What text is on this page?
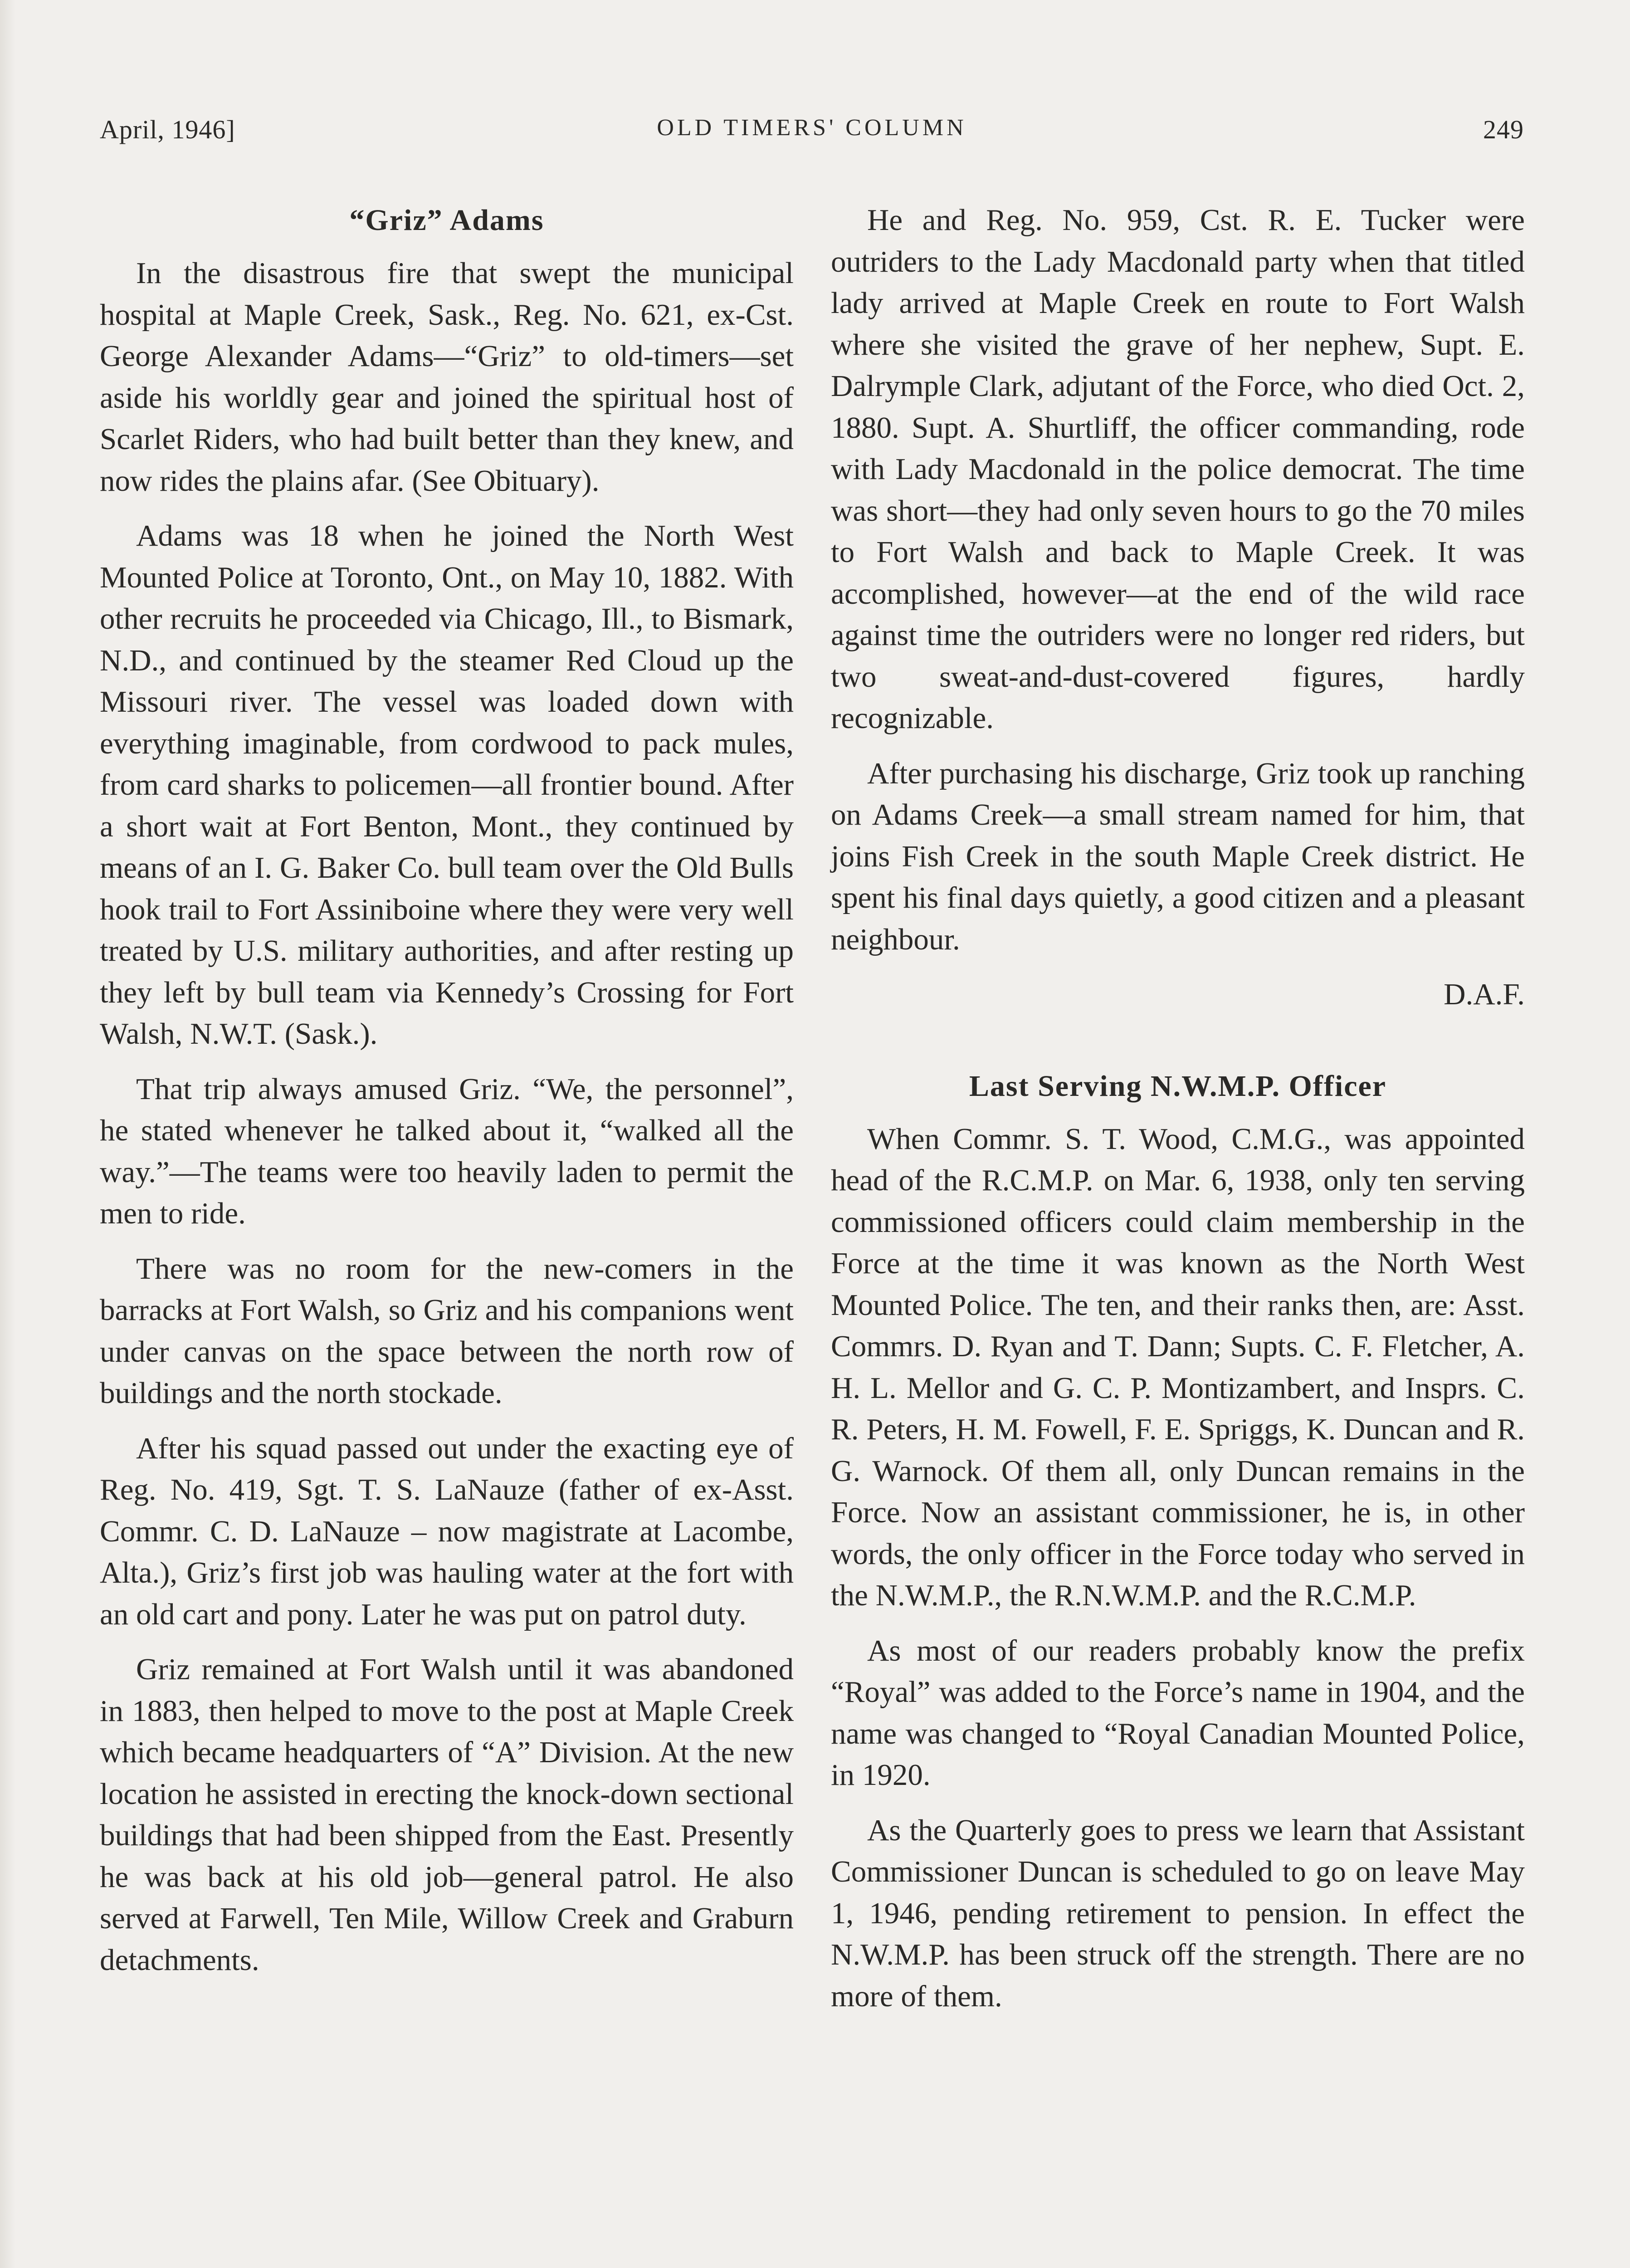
April, 1946]	OLD TIMERS' COLUMN	249
“Griz” Adams

In the disastrous fire that swept the municipal hospital at Maple Creek, Sask., Reg. No. 621, ex-Cst. George Alexander Adams—“Griz” to old-timers—set aside his worldly gear and joined the spiritual host of Scarlet Riders, who had built better than they knew, and now rides the plains afar. (See Obituary).

Adams was 18 when he joined the North West Mounted Police at Toronto, Ont., on May 10, 1882. With other recruits he proceeded via Chicago, Ill., to Bismark, N.D., and continued by the steamer Red Cloud up the Missouri river. The vessel was loaded down with everything imaginable, from cordwood to pack mules, from card sharks to policemen—all frontier bound. After a short wait at Fort Benton, Mont., they continued by means of an I. G. Baker Co. bull team over the Old Bulls hook trail to Fort Assiniboine where they were very well treated by U.S. military authorities, and after resting up they left by bull team via Kennedy’s Crossing for Fort Walsh, N.W.T. (Sask.).

That trip always amused Griz. “We, the personnel”, he stated whenever he talked about it, “walked all the way.”—The teams were too heavily laden to permit the men to ride.

There was no room for the new-comers in the barracks at Fort Walsh, so Griz and his companions went under canvas on the space between the north row of buildings and the north stockade.

After his squad passed out under the exacting eye of Reg. No. 419, Sgt. T. S. LaNauze (father of ex-Asst. Commr. C. D. LaNauze – now magistrate at Lacombe, Alta.), Griz’s first job was hauling water at the fort with an old cart and pony. Later he was put on patrol duty.

Griz remained at Fort Walsh until it was abandoned in 1883, then helped to move to the post at Maple Creek which became headquarters of “A” Division. At the new location he assisted in erecting the knock-down sectional buildings that had been shipped from the East. Presently he was back at his old job—general patrol. He also served at Farwell, Ten Mile, Willow Creek and Graburn detachments.

He and Reg. No. 959, Cst. R. E. Tucker were outriders to the Lady Macdonald party when that titled lady arrived at Maple Creek en route to Fort Walsh where she visited the grave of her nephew, Supt. E. Dalrymple Clark, adjutant of the Force, who died Oct. 2, 1880. Supt. A. Shurtliff, the officer commanding, rode with Lady Macdonald in the police democrat. The time was short—they had only seven hours to go the 70 miles to Fort Walsh and back to Maple Creek. It was accomplished, however—at the end of the wild race against time the outriders were no longer red riders, but two sweat-and-dust-covered figures, hardly recognizable.

After purchasing his discharge, Griz took up ranching on Adams Creek—a small stream named for him, that joins Fish Creek in the south Maple Creek district. He spent his final days quietly, a good citizen and a pleasant neighbour.

D.A.F.
Last Serving N.W.M.P. Officer

When Commr. S. T. Wood, C.M.G., was appointed head of the R.C.M.P. on Mar. 6, 1938, only ten serving commissioned officers could claim membership in the Force at the time it was known as the North West Mounted Police. The ten, and their ranks then, are: Asst. Commrs. D. Ryan and T. Dann; Supts. C. F. Fletcher, A. H. L. Mellor and G. C. P. Montizambert, and Insprs. C. R. Peters, H. M. Fowell, F. E. Spriggs, K. Duncan and R. G. Warnock. Of them all, only Duncan remains in the Force. Now an assistant commissioner, he is, in other words, the only officer in the Force today who served in the N.W.M.P., the R.N.W.M.P. and the R.C.M.P.

As most of our readers probably know the prefix “Royal” was added to the Force’s name in 1904, and the name was changed to “Royal Canadian Mounted Police, in 1920.

As the Quarterly goes to press we learn that Assistant Commissioner Duncan is scheduled to go on leave May 1, 1946, pending retirement to pension. In effect the N.W.M.P. has been struck off the strength. There are no more of them.
